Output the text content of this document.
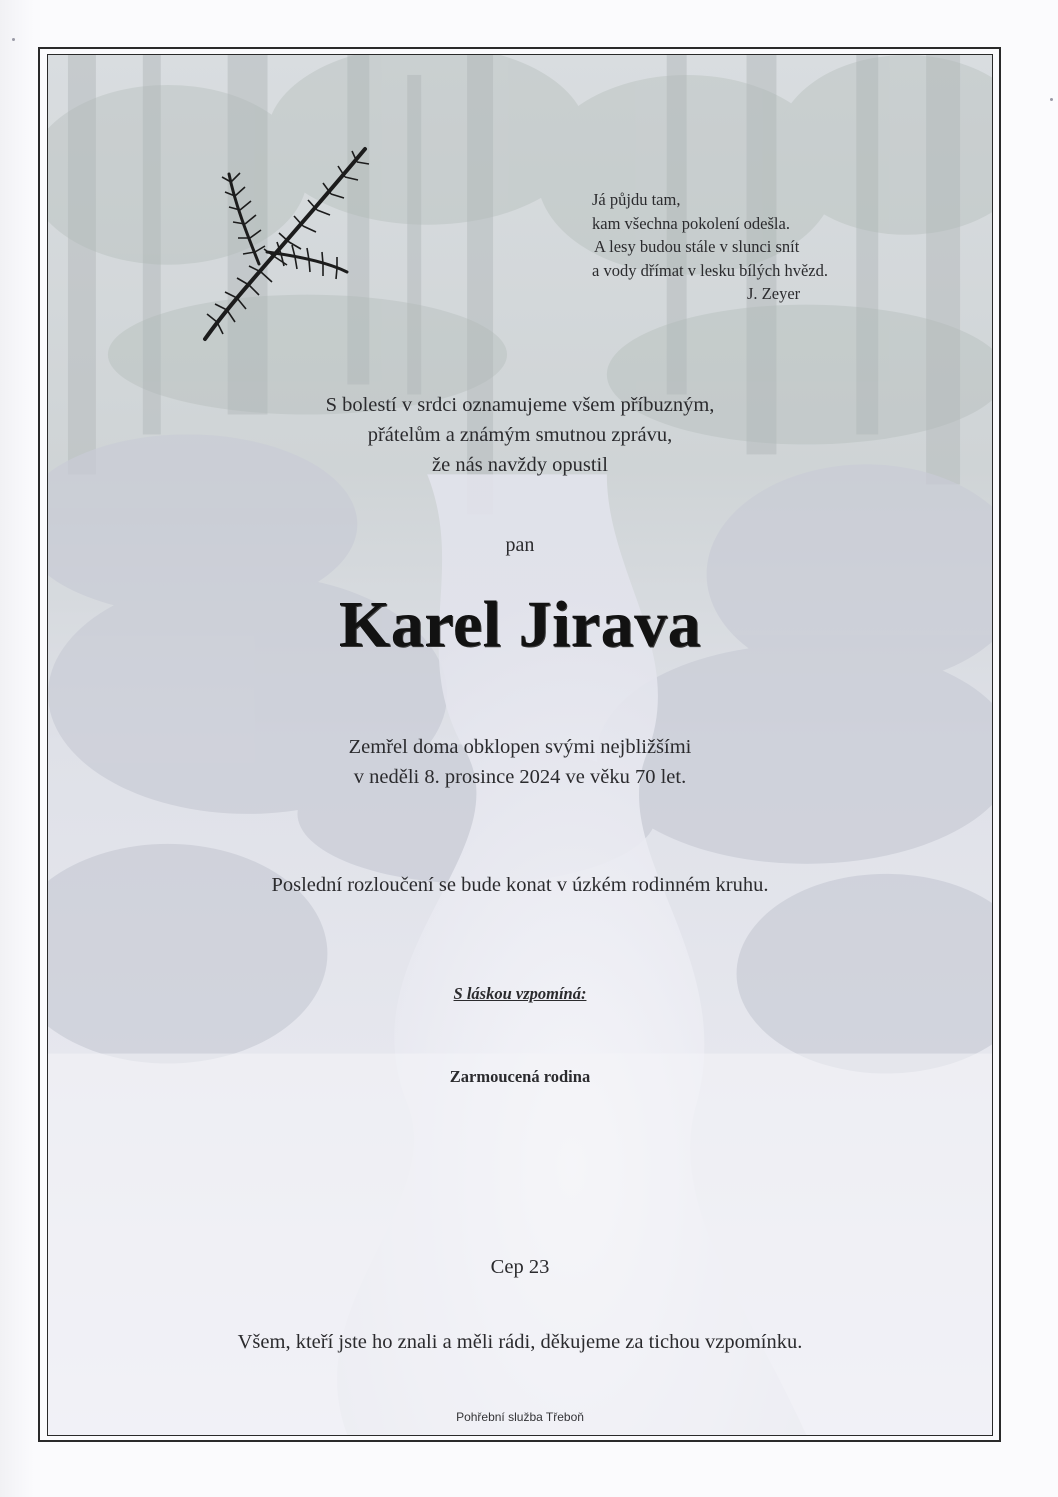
Já půjdu tam,
kam všechna pokolení odešla.
A lesy budou stále v slunci snít
a vody dřímat v lesku bílých hvězd.
J. Zeyer
S bolestí v srdci oznamujeme všem příbuzným,
přátelům a známým smutnou zprávu,
že nás navždy opustil
pan
Karel Jirava
Zemřel doma obklopen svými nejbližšími
v neděli 8. prosince 2024 ve věku 70 let.
Poslední rozloučení se bude konat v úzkém rodinném kruhu.
S láskou vzpomíná:
Zarmoucená rodina
Cep 23
Všem, kteří jste ho znali a měli rádi, děkujeme za tichou vzpomínku.
Pohřební služba Třeboň
